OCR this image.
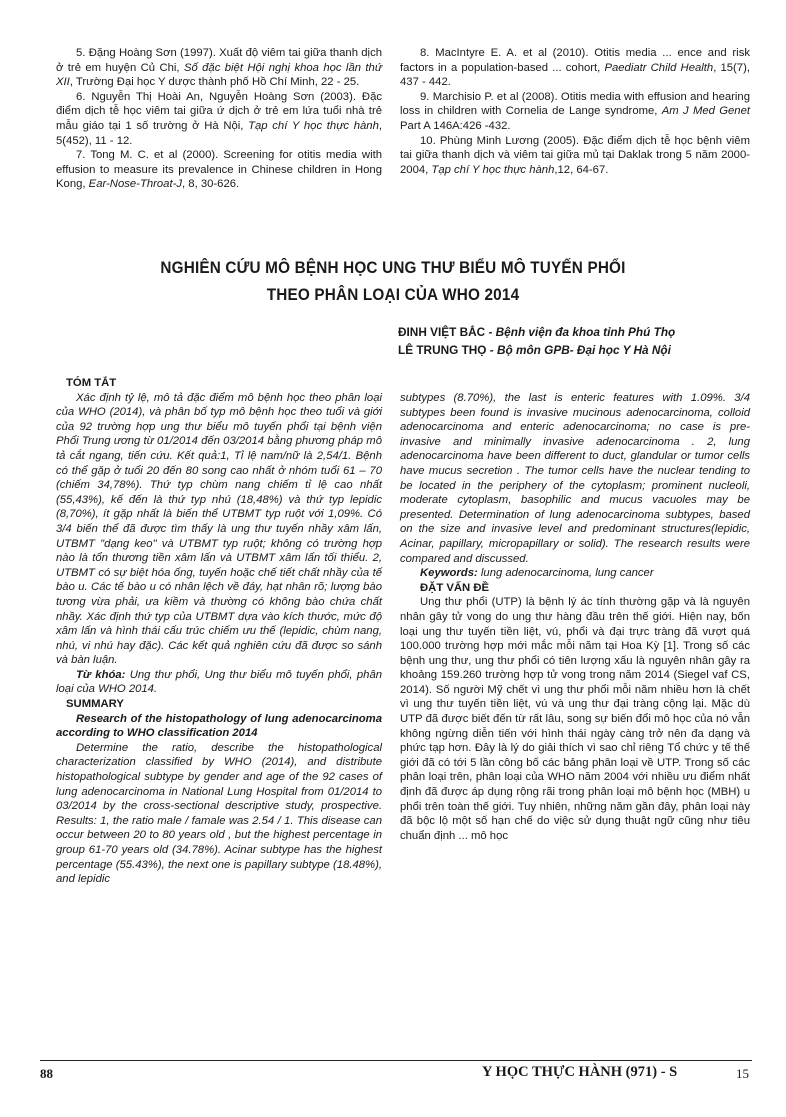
5. Đặng Hoàng Sơn (1997). Xuất độ viêm tai giữa thanh dịch ở trẻ em huyện Củ Chi, Số đặc biệt Hội nghị khoa học lần thứ XII, Trường Đại học Y dược thành phố Hồ Chí Minh, 22 - 25.

6. Nguyễn Thị Hoài An, Nguyễn Hoàng Sơn (2003). Đặc điểm dịch tễ học viêm tai giữa ứ dịch ở trẻ em lứa tuổi nhà trẻ mẫu giáo tại 1 số trường ở Hà Nội, Tạp chí Y học thực hành, 5(452), 11 - 12.

7. Tong M. C. et al (2000). Screening for otitis media with effusion to measure its prevalence in Chinese children in Hong Kong, Ear-Nose-Throat-J, 8, 30-626.

8. MacIntyre E. A. et al (2010). Otitis media ... ence and risk factors in a population-based ... cohort, Paediatr Child Health, 15(7), 437 - 442.

9. Marchisio P. et al (2008). Otitis media with effusion and hearing loss in children with Cornelia de Lange syndrome, Am J Med Genet Part A 146A:426 -432.

10. Phùng Minh Lương (2005). Đặc điểm dịch tễ học bệnh viêm tai giữa thanh dịch và viêm tai giữa mủ tại Daklak trong 5 năm 2000-2004, Tạp chí Y học thực hành,12, 64-67.

NGHIÊN CỨU MÔ BỆNH HỌC UNG THƯ BIỂU MÔ TUYẾN PHỔI
THEO PHÂN LOẠI CỦA WHO 2014
ĐINH VIỆT BẮC - Bệnh viện đa khoa tỉnh Phú Thọ
LÊ TRUNG THỌ - Bộ môn GPB- Đại học Y Hà Nội

TÓM TẮT

Xác định tỷ lệ, mô tả đặc điểm mô bệnh học theo phân loại của WHO (2014), và phân bố typ mô bệnh học theo tuổi và giới của 92 trường hợp ung thư biểu mô tuyến phổi tại bệnh viện Phổi Trung ương từ 01/2014 đến 03/2014 bằng phương pháp mô tả cắt ngang, tiến cứu. Kết quả:1, Tỉ lệ nam/nữ là 2,54/1. Bệnh có thể gặp ở tuổi 20 đến 80 song cao nhất ở nhóm tuổi 61 – 70 (chiếm 34,78%). Thứ typ chùm nang chiếm tỉ lệ cao nhất (55,43%), kế đến là thứ typ nhú (18,48%) và thứ typ lepidic (8,70%), ít gặp nhất là biến thể UTBMT typ ruột với 1,09%. Có 3/4 biến thể đã được tìm thấy là ung thư tuyến nhầy xâm lấn, UTBMT "dạng keo" và UTBMT typ ruột; không có trường hợp nào là tổn thương tiền xâm lấn và UTBMT xâm lấn tối thiểu. 2, UTBMT có sự biệt hóa ống, tuyến hoặc chế tiết chất nhầy của tế bào u. Các tế bào u có nhân lệch về đáy, hạt nhân rõ; lượng bào tương vừa phải, ưa kiềm và thường có không bào chứa chất nhầy. Xác định thứ typ của UTBMT dựa vào kích thước, mức độ xâm lấn và hình thái cấu trúc chiếm ưu thế (lepidic, chùm nang, nhú, vi nhú hay đặc). Các kết quả nghiên cứu đã được so sánh và bàn luận.

Từ khóa: Ung thư phổi, Ung thư biểu mô tuyến phổi, phân loại của WHO 2014.

SUMMARY

Research of the histopathology of lung adenocarcinoma according to WHO classification 2014

Determine the ratio, describe the histopathological characterization classified by WHO (2014), and distribute histopathological subtype by gender and age of the 92 cases of lung adenocarcinoma in National Lung Hospital from 01/2014 to 03/2014 by the cross-sectional descriptive study, prospective. Results: 1, the ratio male / famale was 2.54 / 1. This disease can occur between 20 to 80 years old , but the highest percentage in group 61-70 years old (34.78%). Acinar subtype has the highest percentage (55.43%), the next one is papillary subtype (18.48%), and lepidic

subtypes (8.70%), the last is enteric features with 1.09%. 3/4 subtypes been found is invasive mucinous adenocarcinoma, colloid adenocarcinoma and enteric adenocarcinoma; no case is pre-invasive and minimally invasive adenocarcinoma . 2, lung adenocarcinoma have been different to duct, glandular or tumor cells have mucus secretion . The tumor cells have the nuclear tending to be located in the periphery of the cytoplasm; prominent nucleoli, moderate cytoplasm, basophilic and mucus vacuoles may be presented. Determination of lung adenocarcinoma subtypes, based on the size and invasive level and predominant structures(lepidic, Acinar, papillary, micropapillary or solid). The research results were compared and discussed.

Keywords: lung adenocarcinoma, lung cancer

ĐẶT VẤN ĐỀ

Ung thư phổi (UTP) là bệnh lý ác tính thường gặp và là nguyên nhân gây tử vong do ung thư hàng đầu trên thế giới. Hiện nay, bốn loại ung thư tuyến tiền liệt, vú, phổi và đại trực tràng đã vượt quá 100.000 trường hợp mới mắc mỗi năm tại Hoa Kỳ [1]. Trong số các bệnh ung thư, ung thư phổi có tiên lượng xấu là nguyên nhân gây ra khoảng 159.260 trường hợp tử vong trong năm 2014 (Siegel vaf CS, 2014). Số người Mỹ chết vì ung thư phổi mỗi năm nhiều hơn là chết vì ung thư tuyến tiền liệt, vú và ung thư đại tràng cộng lại. Mặc dù UTP đã được biết đến từ rất lâu, song sự biến đổi mô học của nó vẫn không ngừng diễn tiến với hình thái ngày càng trở nên đa dạng và phức tạp hơn. Đây là lý do giải thích vì sao chỉ riêng Tổ chức y tế thế giới đã có tới 5 lần công bố các bảng phân loại về UTP. Trong số các phân loại trên, phân loại của WHO năm 2004 với nhiều ưu điểm nhất định đã được áp dụng rộng rãi trong phân loại mô bệnh học (MBH) u phổi trên toàn thế giới. Tuy nhiên, những năm gần đây, phân loại này đã bộc lộ một số hạn chế do việc sử dụng thuật ngữ cũng như tiêu chuẩn định ... mô học

88	Y HỌC THỰC HÀNH (971) - S	15
